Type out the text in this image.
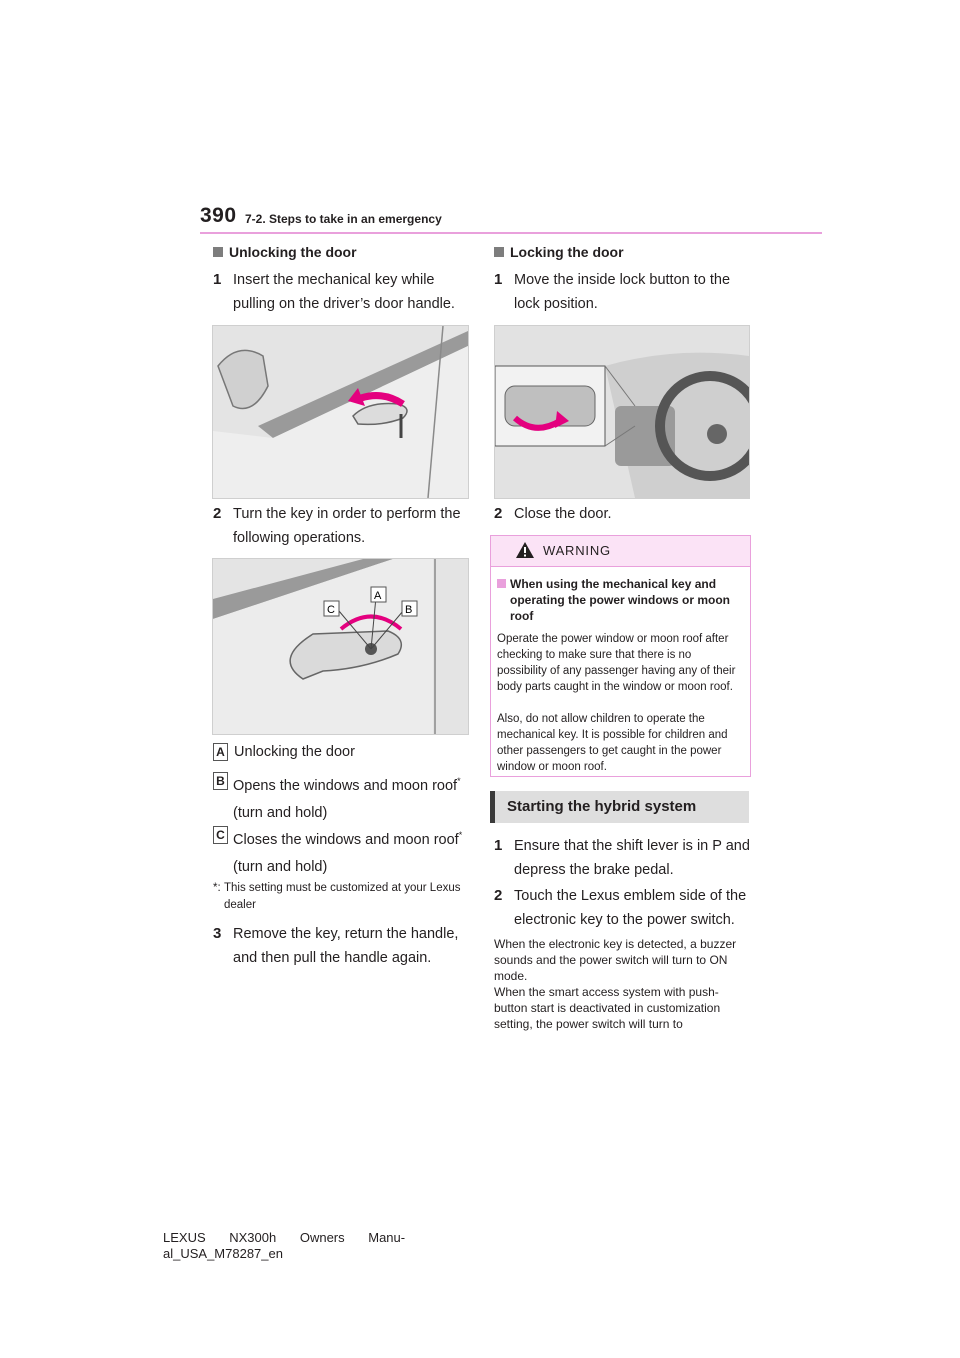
390 7-2. Steps to take in an emergency
Unlocking the door
1 Insert the mechanical key while pulling on the driver’s door handle.
2 Turn the key in order to perform the following operations.
C
A
B
A Unlocking the door
B Opens the windows and moon roof* (turn and hold)
C Closes the windows and moon roof* (turn and hold)
*: This setting must be customized at your Lexus dealer
3 Remove the key, return the handle, and then pull the handle again.
Locking the door
1 Move the inside lock button to the lock position.
2 Close the door.
WARNING
When using the mechanical key and operating the power windows or moon roof
Operate the power window or moon roof after checking to make sure that there is no possibility of any passenger having any of their body parts caught in the window or moon roof.
Also, do not allow children to operate the mechanical key. It is possible for children and other passengers to get caught in the power window or moon roof.
Starting the hybrid system
1 Ensure that the shift lever is in P and depress the brake pedal.
2 Touch the Lexus emblem side of the electronic key to the power switch.
When the electronic key is detected, a buzzer sounds and the power switch will turn to ON mode.
When the smart access system with push-button start is deactivated in customization setting, the power switch will turn to
LEXUS NX300h Owners Manu-
al_USA_M78287_en
